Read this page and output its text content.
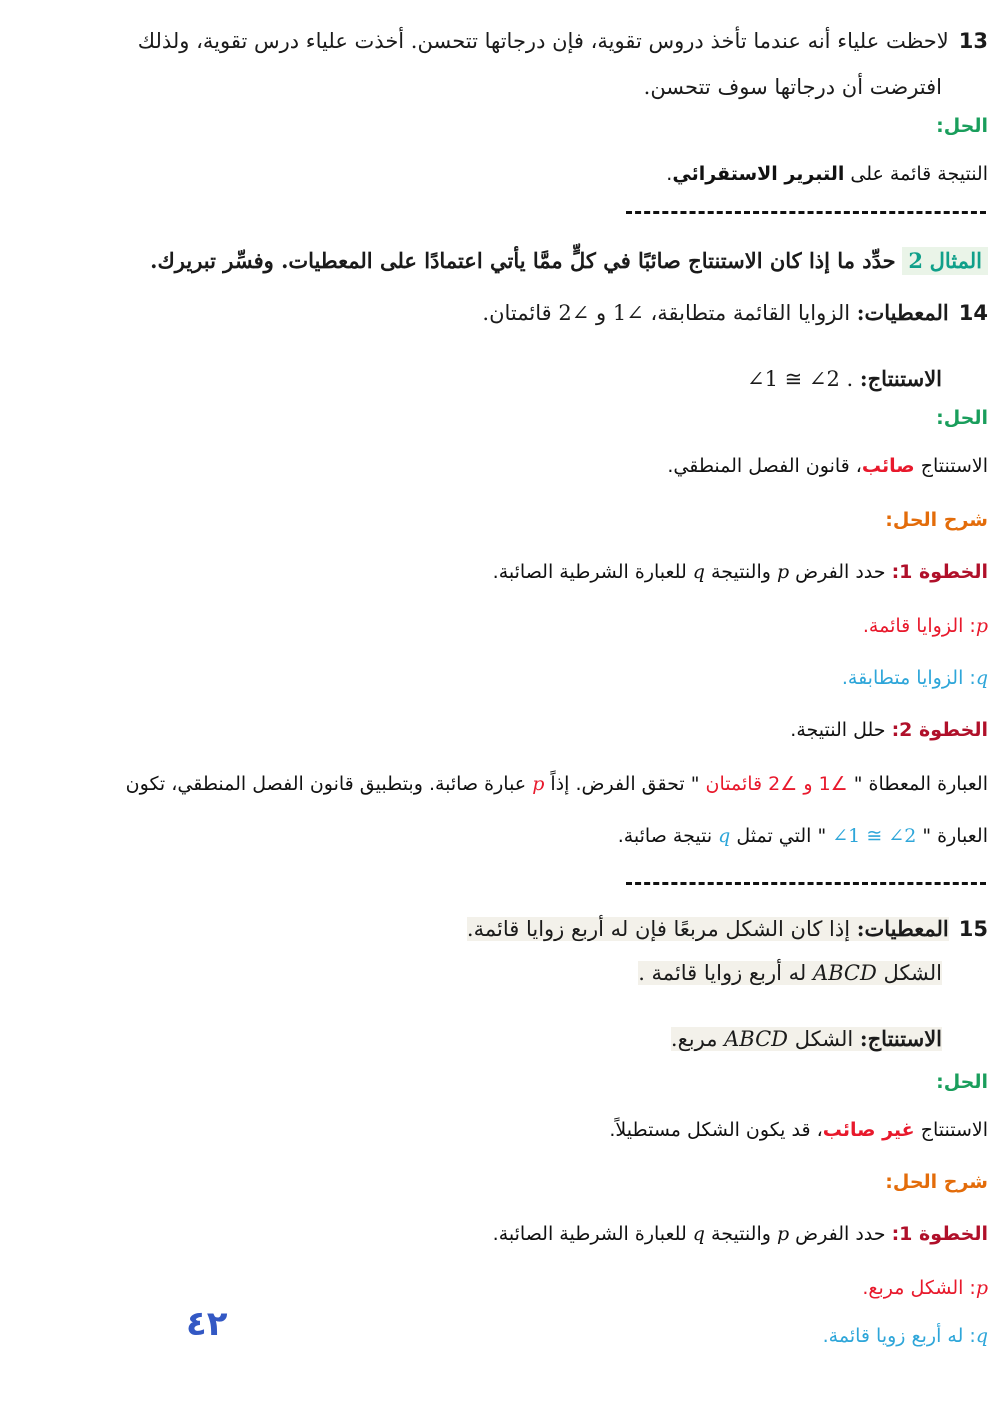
13لاحظت علياء أنه عندما تأخذ دروس تقوية، فإن درجاتها تتحسن. أخذت علياء درس تقوية، ولذلك
افترضت أن درجاتها سوف تتحسن.
الحل:
النتيجة قائمة على التبرير الاستقرائي.
المثال 2 حدِّد ما إذا كان الاستنتاج صائبًا في كلٍّ ممَّا يأتي اعتمادًا على المعطيات. وفسِّر تبريرك.
14المعطيات: الزوايا القائمة متطابقة، ∠1 و ∠2 قائمتان.
الاستنتاج: ∠1 ≅ ∠2 .
الحل:
الاستنتاج صائب، قانون الفصل المنطقي.
شرح الحل:
الخطوة 1: حدد الفرض p والنتيجة q للعبارة الشرطية الصائبة.
p: الزوايا قائمة.
q: الزوايا متطابقة.
الخطوة 2: حلل النتيجة.
العبارة المعطاة " ∠1 و ∠2 قائمتان " تحقق الفرض. إذاً p عبارة صائبة. وبتطبيق قانون الفصل المنطقي، تكون
العبارة " ∠1 ≅ ∠2 " التي تمثل q نتيجة صائبة.
15المعطيات: إذا كان الشكل مربعًا فإن له أربع زوايا قائمة.
الشكل ABCD له أربع زوايا قائمة .
الاستنتاج: الشكل ABCD مربع.
الحل:
الاستنتاج غير صائب، قد يكون الشكل مستطيلاً.
شرح الحل:
الخطوة 1: حدد الفرض p والنتيجة q للعبارة الشرطية الصائبة.
p: الشكل مربع.
q: له أربع زويا قائمة.
٤٢
